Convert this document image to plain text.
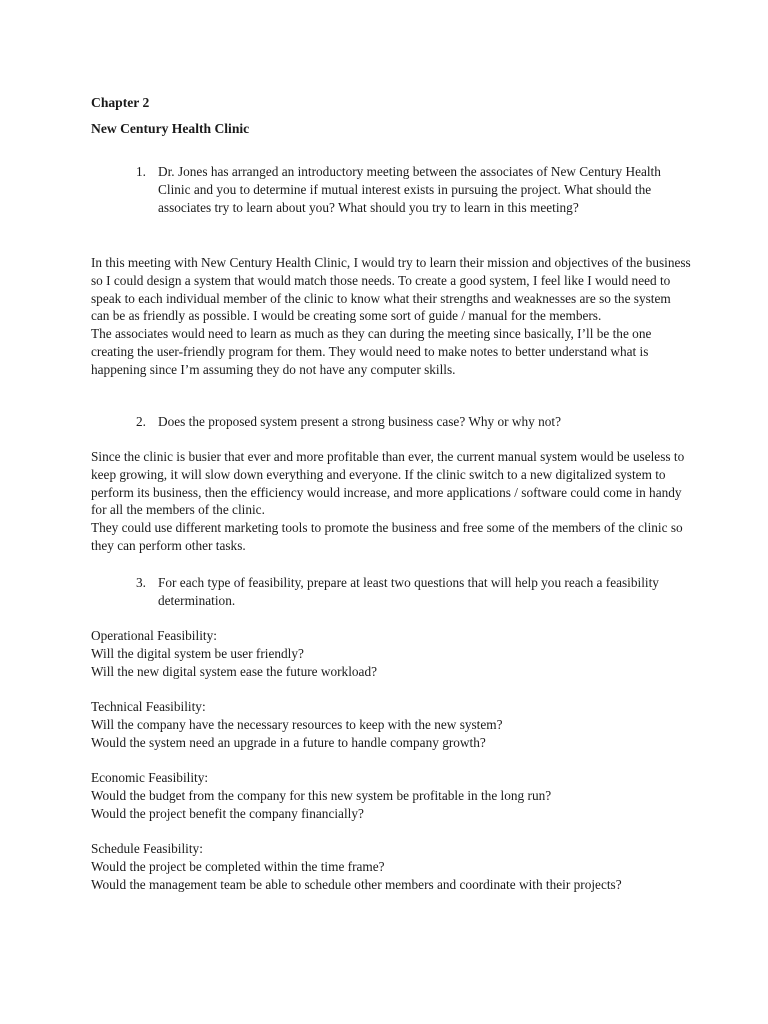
Chapter 2

New Century Health Clinic

1. Dr. Jones has arranged an introductory meeting between the associates of New Century Health Clinic and you to determine if mutual interest exists in pursuing the project. What should the associates try to learn about you? What should you try to learn in this meeting?
In this meeting with New Century Health Clinic, I would try to learn their mission and objectives of the business so I could design a system that would match those needs. To create a good system, I feel like I would need to speak to each individual member of the clinic to know what their strengths and weaknesses are so the system can be as friendly as possible. I would be creating some sort of guide / manual for the members.
The associates would need to learn as much as they can during the meeting since basically, I’ll be the one creating the user-friendly program for them. They would need to make notes to better understand what is happening since I’m assuming they do not have any computer skills.
2. Does the proposed system present a strong business case? Why or why not?
Since the clinic is busier that ever and more profitable than ever, the current manual system would be useless to keep growing, it will slow down everything and everyone. If the clinic switch to a new digitalized system to perform its business, then the efficiency would increase, and more applications / software could come in handy for all the members of the clinic.
They could use different marketing tools to promote the business and free some of the members of the clinic so they can perform other tasks.
3. For each type of feasibility, prepare at least two questions that will help you reach a feasibility determination.
Operational Feasibility:
Will the digital system be user friendly?
Will the new digital system ease the future workload?
Technical Feasibility:
Will the company have the necessary resources to keep with the new system?
Would the system need an upgrade in a future to handle company growth?
Economic Feasibility:
Would the budget from the company for this new system be profitable in the long run?
Would the project benefit the company financially?
Schedule Feasibility:
Would the project be completed within the time frame?
Would the management team be able to schedule other members and coordinate with their projects?
